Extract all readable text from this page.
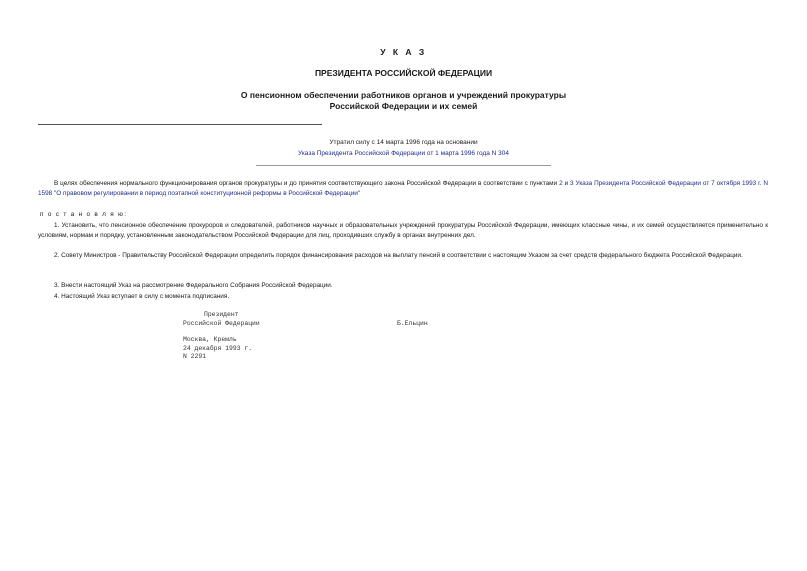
У К А З
ПРЕЗИДЕНТА РОССИЙСКОЙ ФЕДЕРАЦИИ
О пенсионном обеспечении работников органов и учреждений прокуратуры
Российской Федерации и их семей
Утратил силу с 14 марта 1996 года на основании
Указа Президента Российской Федерации от 1 марта 1996 года N 304
В целях обеспечения нормального функционирования органов прокуратуры и до принятия соответствующего закона Российской Федерации в соответствии с пунктами 2 и 3 Указа Президента Российской Федерации от 7 октября 1993 г. N 1598 "О правовом регулировании в период поэтапной конституционной реформы в Российской Федерации"
п о с т а н о в л я ю:
1. Установить, что пенсионное обеспечение прокуроров и следователей, работников научных и образовательных учреждений прокуратуры Российской Федерации, имеющих классные чины, и их семей осуществляется применительно к условиям, нормам и порядку, установленным законодательством Российской Федерации для лиц, проходивших службу в органах внутренних дел.
2. Совету Министров - Правительству Российской Федерации определить порядок финансирования расходов на выплату пенсий в соответствии с настоящим Указом за счет средств федерального бюджета Российской Федерации.
3. Внести настоящий Указ на рассмотрение Федерального Собрания Российской Федерации.
4. Настоящий Указ вступает в силу с момента подписания.
Президент
Российской Федерации	Б.Ельцин
Москва, Кремль
24 декабря 1993 г.
N 2291
